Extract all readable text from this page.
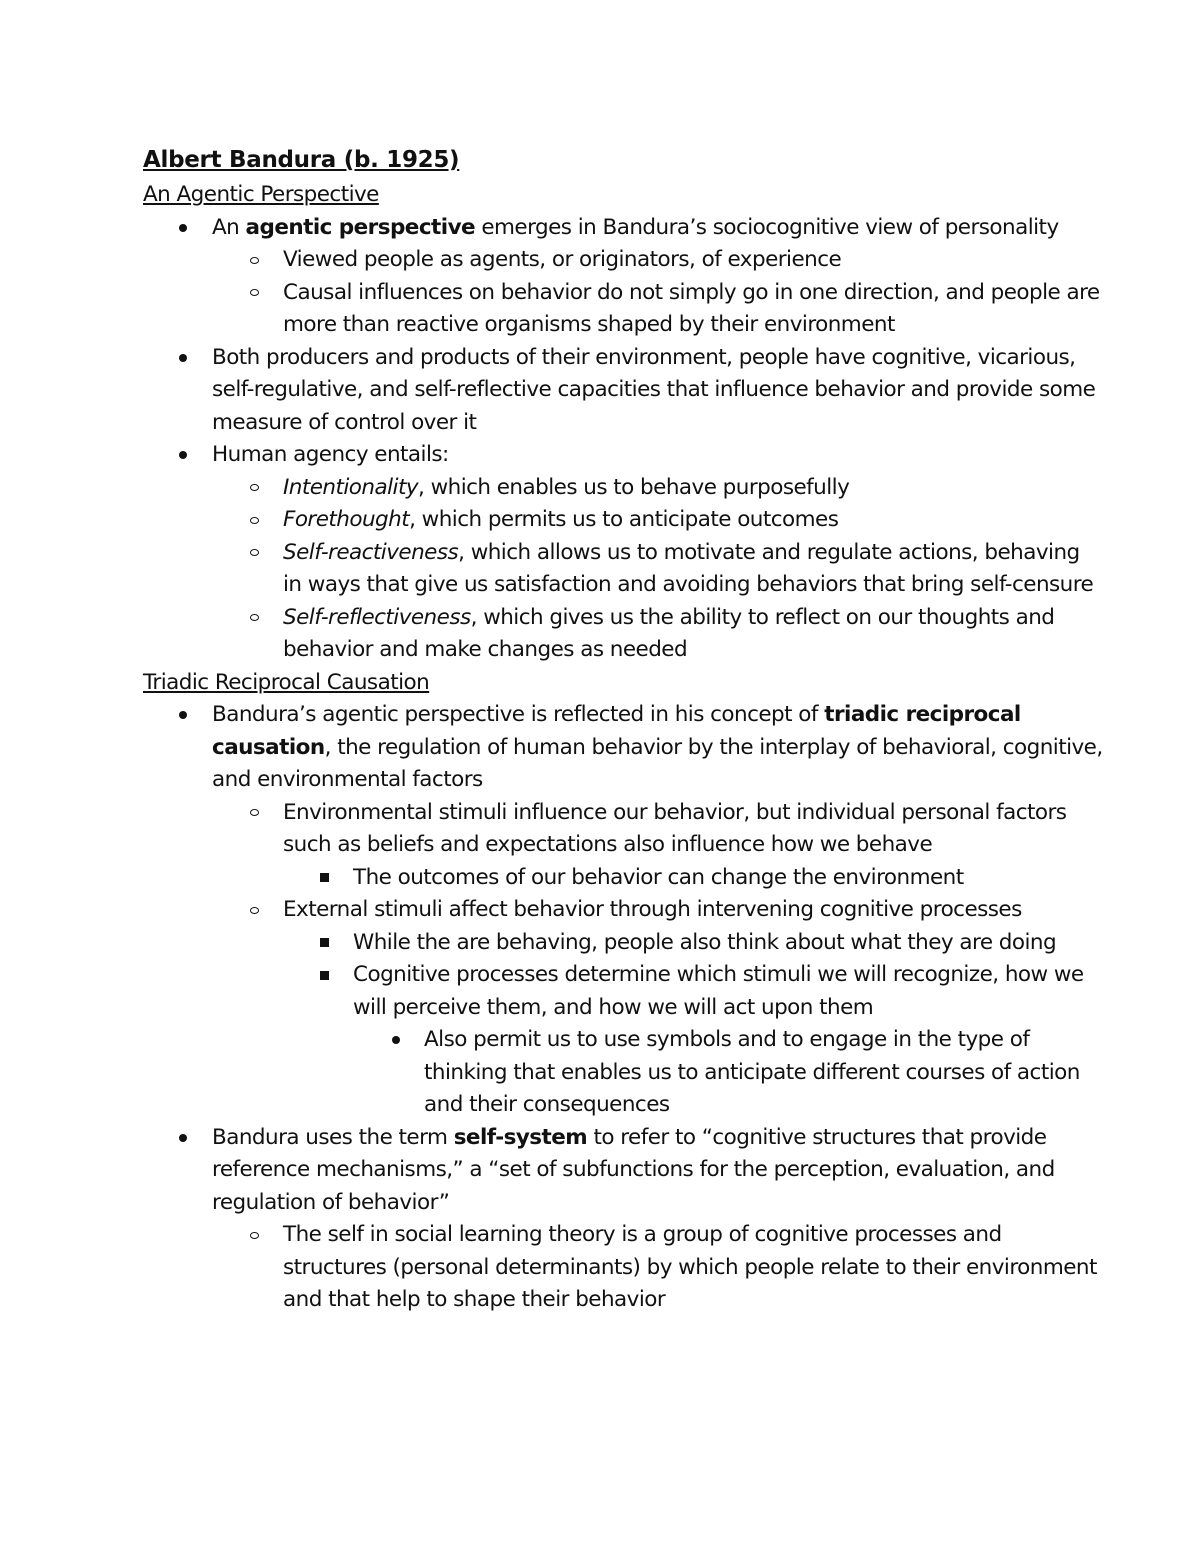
Albert Bandura (b. 1925)
An Agentic Perspective
An agentic perspective emerges in Bandura’s sociocognitive view of personality
Viewed people as agents, or originators, of experience
Causal influences on behavior do not simply go in one direction, and people are more than reactive organisms shaped by their environment
Both producers and products of their environment, people have cognitive, vicarious, self-regulative, and self-reflective capacities that influence behavior and provide some measure of control over it
Human agency entails:
Intentionality, which enables us to behave purposefully
Forethought, which permits us to anticipate outcomes
Self-reactiveness, which allows us to motivate and regulate actions, behaving in ways that give us satisfaction and avoiding behaviors that bring self-censure
Self-reflectiveness, which gives us the ability to reflect on our thoughts and behavior and make changes as needed
Triadic Reciprocal Causation
Bandura’s agentic perspective is reflected in his concept of triadic reciprocal causation, the regulation of human behavior by the interplay of behavioral, cognitive, and environmental factors
Environmental stimuli influence our behavior, but individual personal factors such as beliefs and expectations also influence how we behave
The outcomes of our behavior can change the environment
External stimuli affect behavior through intervening cognitive processes
While the are behaving, people also think about what they are doing
Cognitive processes determine which stimuli we will recognize, how we will perceive them, and how we will act upon them
Also permit us to use symbols and to engage in the type of thinking that enables us to anticipate different courses of action and their consequences
Bandura uses the term self-system to refer to “cognitive structures that provide reference mechanisms,” a “set of subfunctions for the perception, evaluation, and regulation of behavior”
The self in social learning theory is a group of cognitive processes and structures (personal determinants) by which people relate to their environment and that help to shape their behavior
